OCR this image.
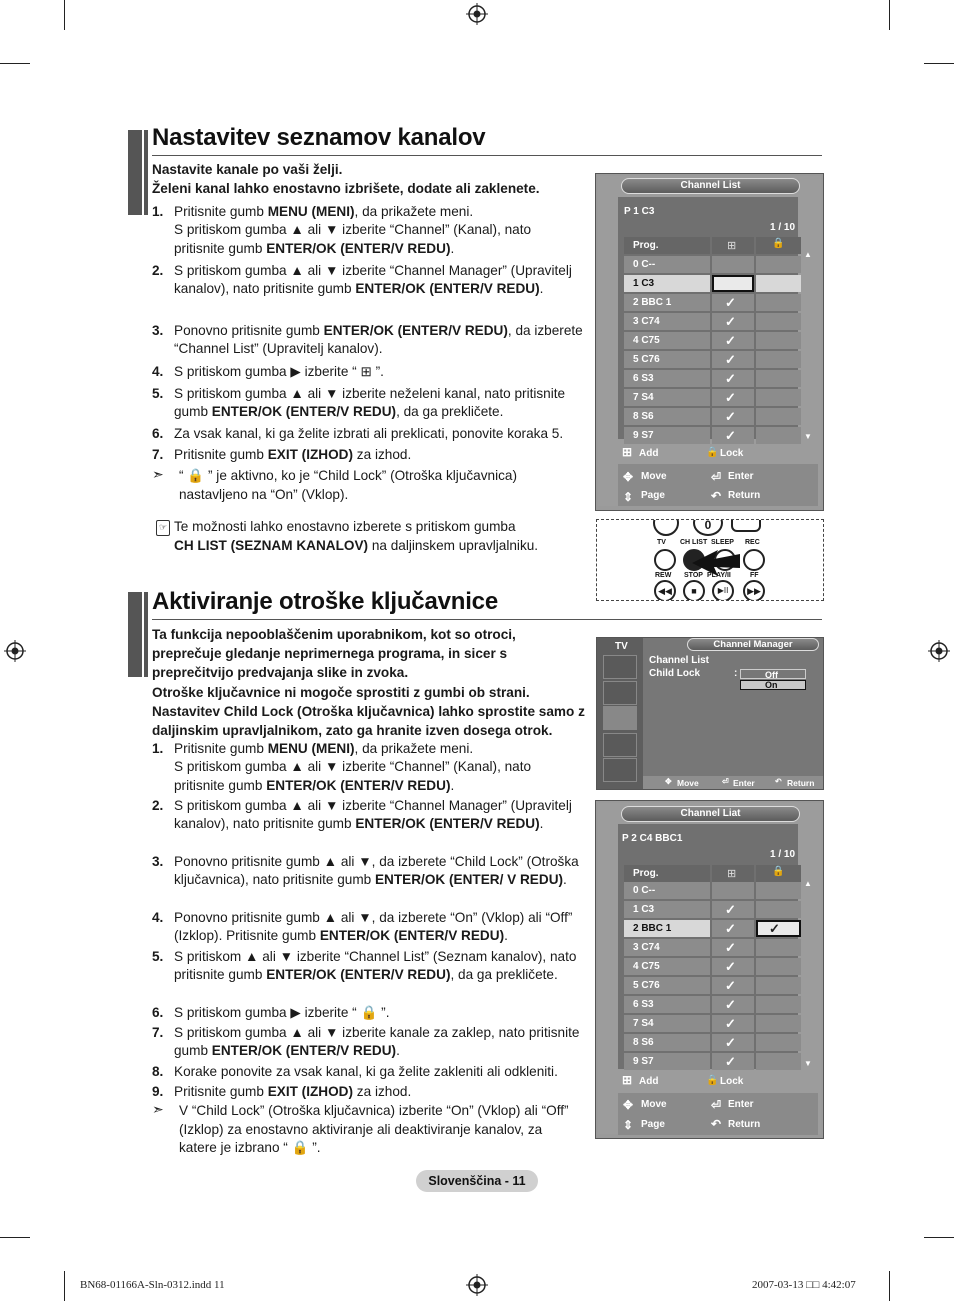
Nastavitev seznamov kanalov
Nastavite kanale po vaši želji.
Želeni kanal lahko enostavno izbrišete, dodate ali zaklenete.
1. Pritisnite gumb MENU (MENI), da prikažete meni.
S pritiskom gumba ▲ ali ▼ izberite “Channel” (Kanal), nato pritisnite gumb ENTER/OK (ENTER/V REDU).
2. S pritiskom gumba ▲ ali ▼ izberite “Channel Manager” (Upravitelj kanalov), nato pritisnite gumb ENTER/OK (ENTER/V REDU).
3. Ponovno pritisnite gumb ENTER/OK (ENTER/V REDU), da izberete “Channel List” (Upravitelj kanalov).
4. S pritiskom gumba ▶ izberite “ ⊞ ”.
5. S pritiskom gumba ▲ ali ▼ izberite neželeni kanal, nato pritisnite gumb ENTER/OK (ENTER/V REDU), da ga prekličete.
6. Za vsak kanal, ki ga želite izbrati ali preklicati, ponovite koraka 5.
7. Pritisnite gumb EXIT (IZHOD) za izhod.
➣ “ 🔒 ” je aktivno, ko je “Child Lock” (Otroška ključavnica) nastavljeno na “On” (Vklop).
☞ Te možnosti lahko enostavno izberete s pritiskom gumba
CH LIST (SEZNAM KANALOV) na daljinskem upravljalniku.
Channel List
P 1 C3
1 / 10
Prog.	⊞	🔒
▲
▼
⊞ Add	🔒 Lock
✥ Move	⏎ Enter
⇕ Page	↶ Return
0 C--
1 C3
2 BBC 1	✓
3 C74	✓
4 C75	✓
5 C76	✓
6 S3	✓
7 S4	✓
8 S6	✓
9 S7	✓
0
TV CH LIST SLEEP REC
REW STOP PLAY/II	FF
◀◀	■	▶II	▶▶
Aktiviranje otroške ključavnice
Ta funkcija nepooblaščenim uporabnikom, kot so otroci, preprečuje gledanje neprimernega programa, in sicer s preprečitvijo predvajanja slike in zvoka.
Otroške ključavnice ni mogoče sprostiti z gumbi ob strani. Nastavitev Child Lock (Otroška ključavnica) lahko sprostite samo z daljinskim upravljalnikom, zato ga hranite izven dosega otrok.
1. Pritisnite gumb MENU (MENI), da prikažete meni.
S pritiskom gumba ▲ ali ▼ izberite “Channel” (Kanal), nato pritisnite gumb ENTER/OK (ENTER/V REDU).
2. S pritiskom gumba ▲ ali ▼ izberite “Channel Manager” (Upravitelj kanalov), nato pritisnite gumb ENTER/OK (ENTER/V REDU).
3. Ponovno pritisnite gumb ▲ ali ▼, da izberete “Child Lock” (Otroška ključavnica), nato pritisnite gumb ENTER/OK (ENTER/ V REDU).
4. Ponovno pritisnite gumb ▲ ali ▼, da izberete “On” (Vklop) ali “Off” (Izklop). Pritisnite gumb ENTER/OK (ENTER/V REDU).
5. S pritiskom ▲ ali ▼ izberite “Channel List” (Seznam kanalov), nato pritisnite gumb ENTER/OK (ENTER/V REDU), da ga prekličete.
6. S pritiskom gumba ▶ izberite “ 🔒 ”.
7. S pritiskom gumba ▲ ali ▼ izberite kanale za zaklep, nato pritisnite gumb ENTER/OK (ENTER/V REDU).
8. Korake ponovite za vsak kanal, ki ga želite zakleniti ali odkleniti.
9. Pritisnite gumb EXIT (IZHOD) za izhod.
➣ V “Child Lock” (Otroška ključavnica) izberite “On” (Vklop) ali “Off” (Izklop) za enostavno aktiviranje ali deaktiviranje kanalov, za katere je izbrano “ 🔒 ”.
TV	Channel Manager
Channel List
Child Lock	:	Off
On
✥ Move	⏎ Enter	↶ Return
Channel Liat
P 2 C4 BBC1
1 / 10
Prog.	⊞	🔒
▲
▼
⊞ Add	🔒 Lock
✥ Move	⏎ Enter
⇕ Page	↶ Return
0 C--
1 C3	✓
2 BBC 1	✓	✓
3 C74	✓
4 C75	✓
5 C76	✓
6 S3	✓
7 S4	✓
8 S6	✓
9 S7	✓
Slovenščina - 11
BN68-01166A-Sln-0312.indd 11	2007-03-13 □□ 4:42:07
